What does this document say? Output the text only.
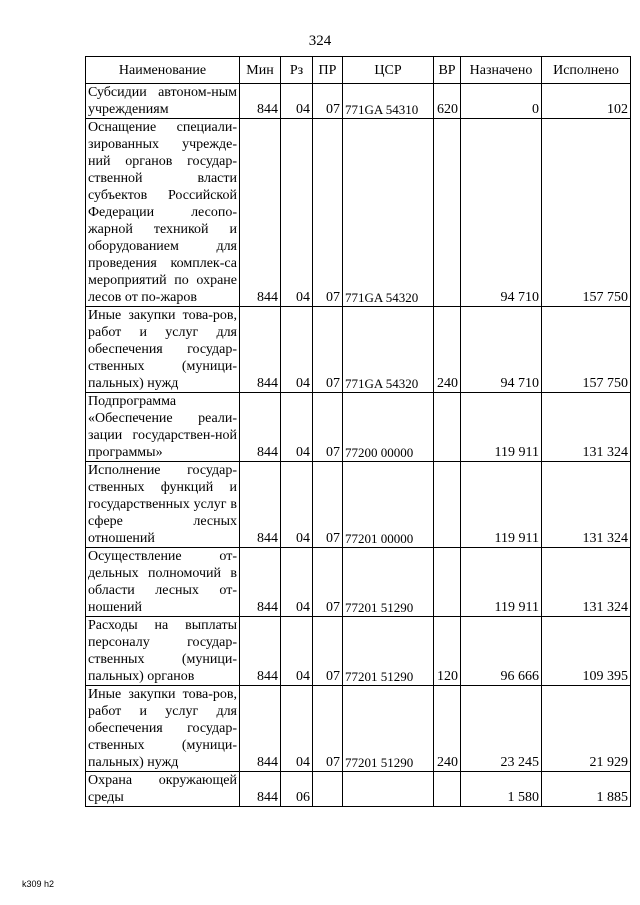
324
Наименование	Мин	Рз	ПР	ЦСР	ВР	Назначено	Исполнено
Субсидии автоном-ным учреждениям	844	04	07	771GA 54310	620	0	102
Оснащение специали-зированных учрежде-ний органов государ-ственной власти субъектов Российской Федерации лесопо-жарной техникой и оборудованием для проведения комплек-са мероприятий по охране лесов от по-жаров	844	04	07	771GA 54320		94 710	157 750
Иные закупки това-ров, работ и услуг для обеспечения государ-ственных (муници-пальных) нужд	844	04	07	771GA 54320	240	94 710	157 750
Подпрограмма «Обеспечение реали-зации государствен-ной программы»	844	04	07	77200 00000		119 911	131 324
Исполнение государ-ственных функций и государственных услуг в сфере лесных отношений	844	04	07	77201 00000		119 911	131 324
Осуществление от-дельных полномочий в области лесных от-ношений	844	04	07	77201 51290		119 911	131 324
Расходы на выплаты персоналу государ-ственных (муници-пальных) органов	844	04	07	77201 51290	120	96 666	109 395
Иные закупки това-ров, работ и услуг для обеспечения государ-ственных (муници-пальных) нужд	844	04	07	77201 51290	240	23 245	21 929
Охрана окружающей среды	844	06				1 580	1 885
k309 h2
